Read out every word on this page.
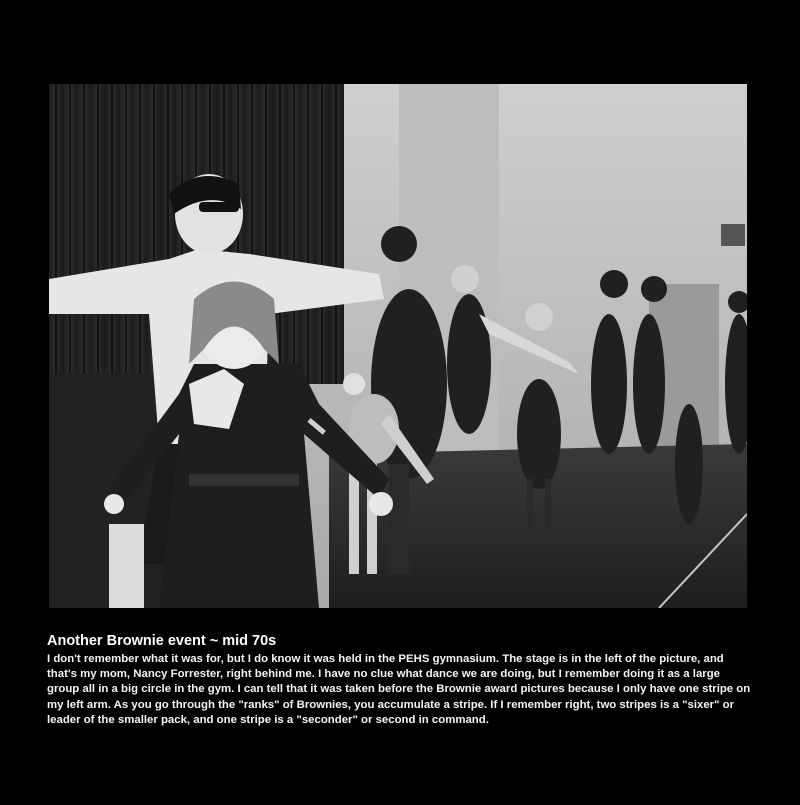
Another Brownie event ~ mid 70s

I don't remember what it was for, but I do know it was held in the PEHS gymnasium. The stage is in the left of the picture, and that's my mom, Nancy Forrester, right behind me. I have no clue what dance we are doing, but I remember doing it as a large group all in a big circle in the gym. I can tell that it was taken before the Brownie award pictures because I only have one stripe on my left arm. As you go through the "ranks" of Brownies, you accumulate a stripe. If I remember right, two stripes is a "sixer" or leader of the smaller pack, and one stripe is a "seconder" or second in command.
